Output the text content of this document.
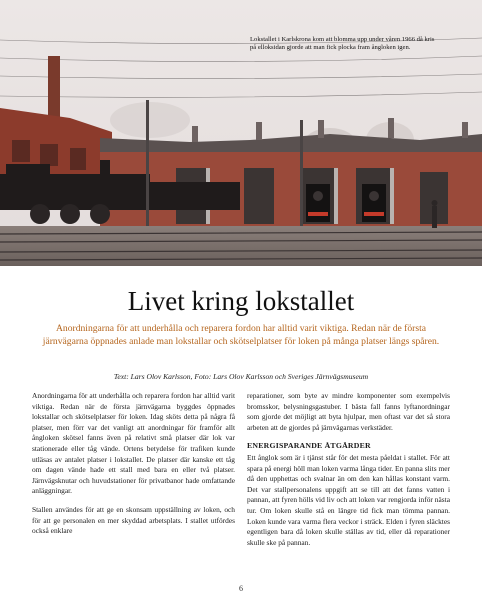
Lokstallet i Karlskrona kom att blomma upp under våren 1966 då kris på elloksidan gjorde att man fick plocka fram ångloken igen.
Livet kring lokstallet

Anordningarna för att underhålla och reparera fordon har alltid varit viktiga. Redan när de första järnvägarna öppnades anlade man lokstallar och skötselplatser för loken på många platser längs spåren.

Text: Lars Olov Karlsson, Foto: Lars Olov Karlsson och Sveriges Järnvägsmuseum

Anordningarna för att underhålla och reparera fordon har alltid varit viktiga. Redan när de första järnvägarna byggdes öppnades lokstallar och skötselplatser för loken. Idag sköts detta på några få platser, men förr var det vanligt att anordningar för framför allt ångloken skötsel fanns även på relativt små platser där lok var stationerade eller tåg vände. Ortens betydelse för trafiken kunde utläsas av antalet platser i lokstallet. De platser där kanske ett tåg om dagen vände hade ett stall med bara en eller två platser. Järnvägsknutar och huvudstationer för privatbanor hade omfattande anläggningar.

Stallen användes för att ge en skonsam uppställning av loken, och för att ge personalen en mer skyddad arbetsplats. I stallet utfördes också enklare

reparationer, som byte av mindre komponenter som exempelvis bromsskor, belysningsgastuber. I bästa fall fanns lyftanordningar som gjorde det möjligt att byta hjulpar, men oftast var det så stora arbeten att de gjordes på järnvägarnas verkstäder.

ENERGISPARANDE ÅTGÄRDER

Ett ånglok som är i tjänst står för det mesta påeldat i stallet. För att spara på energi höll man loken varma långa tider. En panna slits mer då den upphettas och svalnar än om den kan hållas konstant varm. Det var stallpersonalens uppgift att se till att det fanns vatten i pannan, att fyren hölls vid liv och att loken var rengjorda inför nästa tur. Om loken skulle stå en längre tid fick man tömma pannan. Loken kunde vara varma flera veckor i sträck. Elden i fyren släcktes egentligen bara då loken skulle ställas av tid, eller då reparationer skulle ske på pannan.

6
